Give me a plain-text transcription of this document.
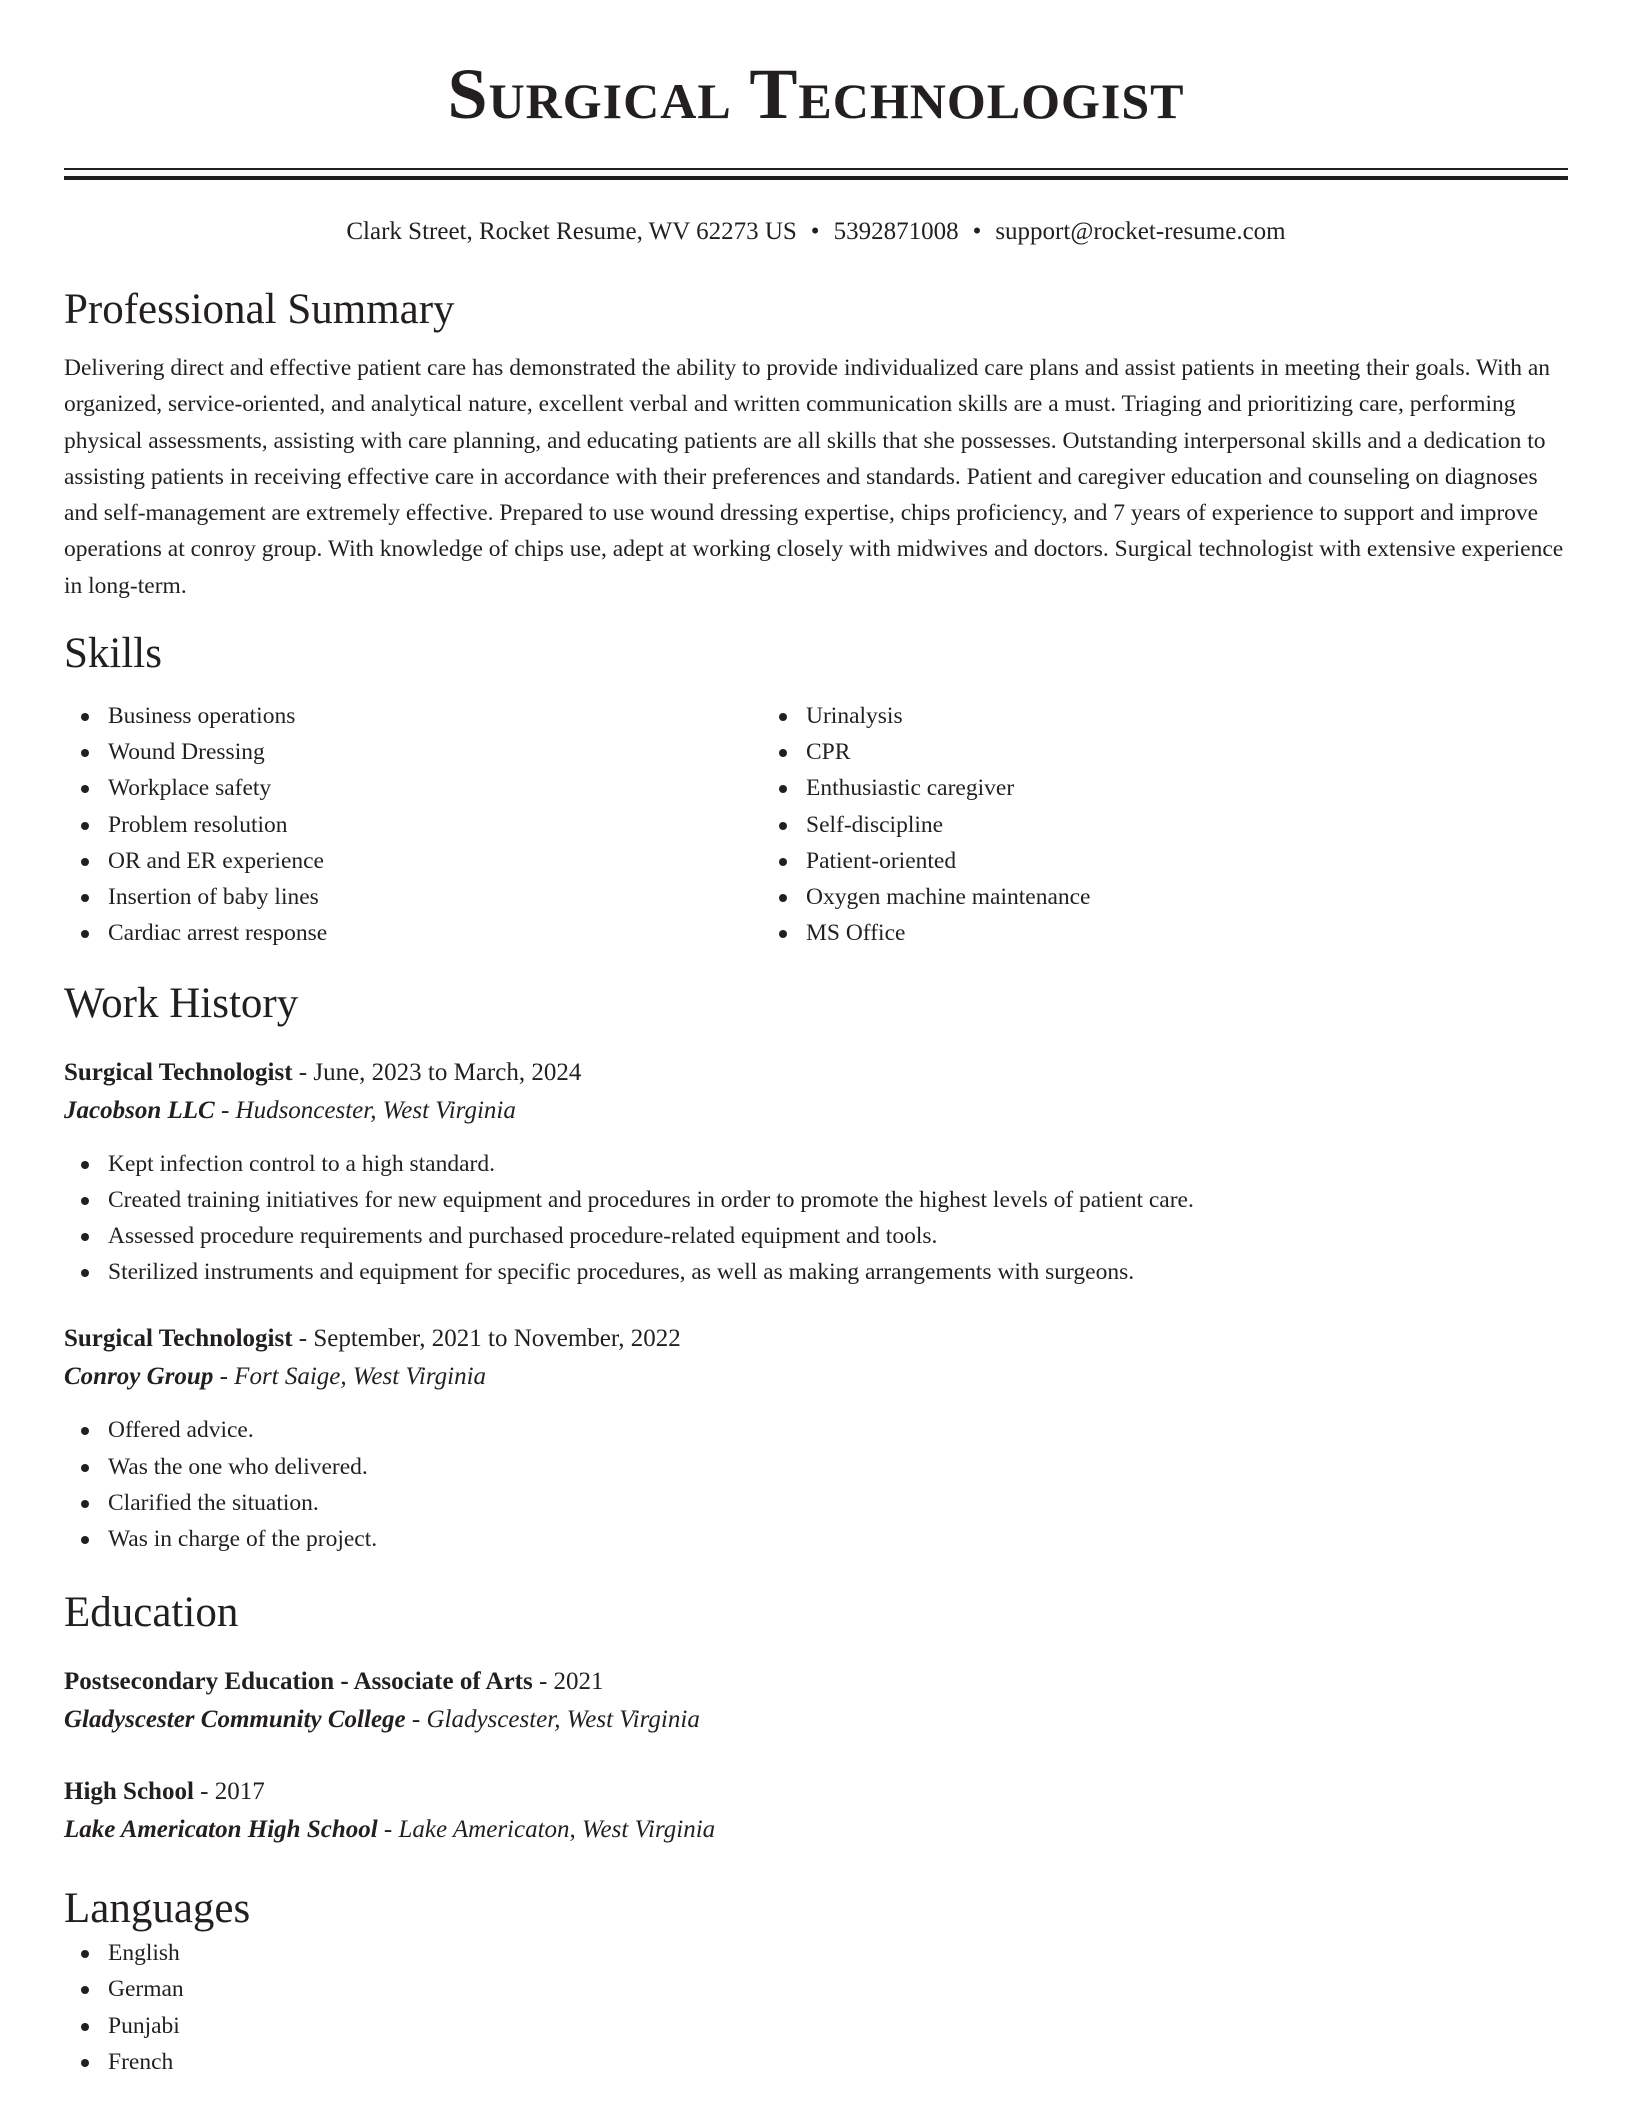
Surgical Technologist
Clark Street, Rocket Resume, WV 62273 US • 5392871008 • support@rocket-resume.com
Professional Summary

Delivering direct and effective patient care has demonstrated the ability to provide individualized care plans and assist patients in meeting their goals. With an organized, service-oriented, and analytical nature, excellent verbal and written communication skills are a must. Triaging and prioritizing care, performing physical assessments, assisting with care planning, and educating patients are all skills that she possesses. Outstanding interpersonal skills and a dedication to assisting patients in receiving effective care in accordance with their preferences and standards. Patient and caregiver education and counseling on diagnoses and self-management are extremely effective. Prepared to use wound dressing expertise, chips proficiency, and 7 years of experience to support and improve operations at conroy group. With knowledge of chips use, adept at working closely with midwives and doctors. Surgical technologist with extensive experience in long-term.

Skills
Business operations
Wound Dressing
Workplace safety
Problem resolution
OR and ER experience
Insertion of baby lines
Cardiac arrest response
Urinalysis
CPR
Enthusiastic caregiver
Self-discipline
Patient-oriented
Oxygen machine maintenance
MS Office
Work History
Surgical Technologist - June, 2023 to March, 2024
Jacobson LLC - Hudsoncester, West Virginia
Kept infection control to a high standard.
Created training initiatives for new equipment and procedures in order to promote the highest levels of patient care.
Assessed procedure requirements and purchased procedure-related equipment and tools.
Sterilized instruments and equipment for specific procedures, as well as making arrangements with surgeons.
Surgical Technologist - September, 2021 to November, 2022
Conroy Group - Fort Saige, West Virginia
Offered advice.
Was the one who delivered.
Clarified the situation.
Was in charge of the project.
Education
Postsecondary Education - Associate of Arts - 2021
Gladyscester Community College - Gladyscester, West Virginia
High School - 2017
Lake Americaton High School - Lake Americaton, West Virginia
Languages
English
German
Punjabi
French
